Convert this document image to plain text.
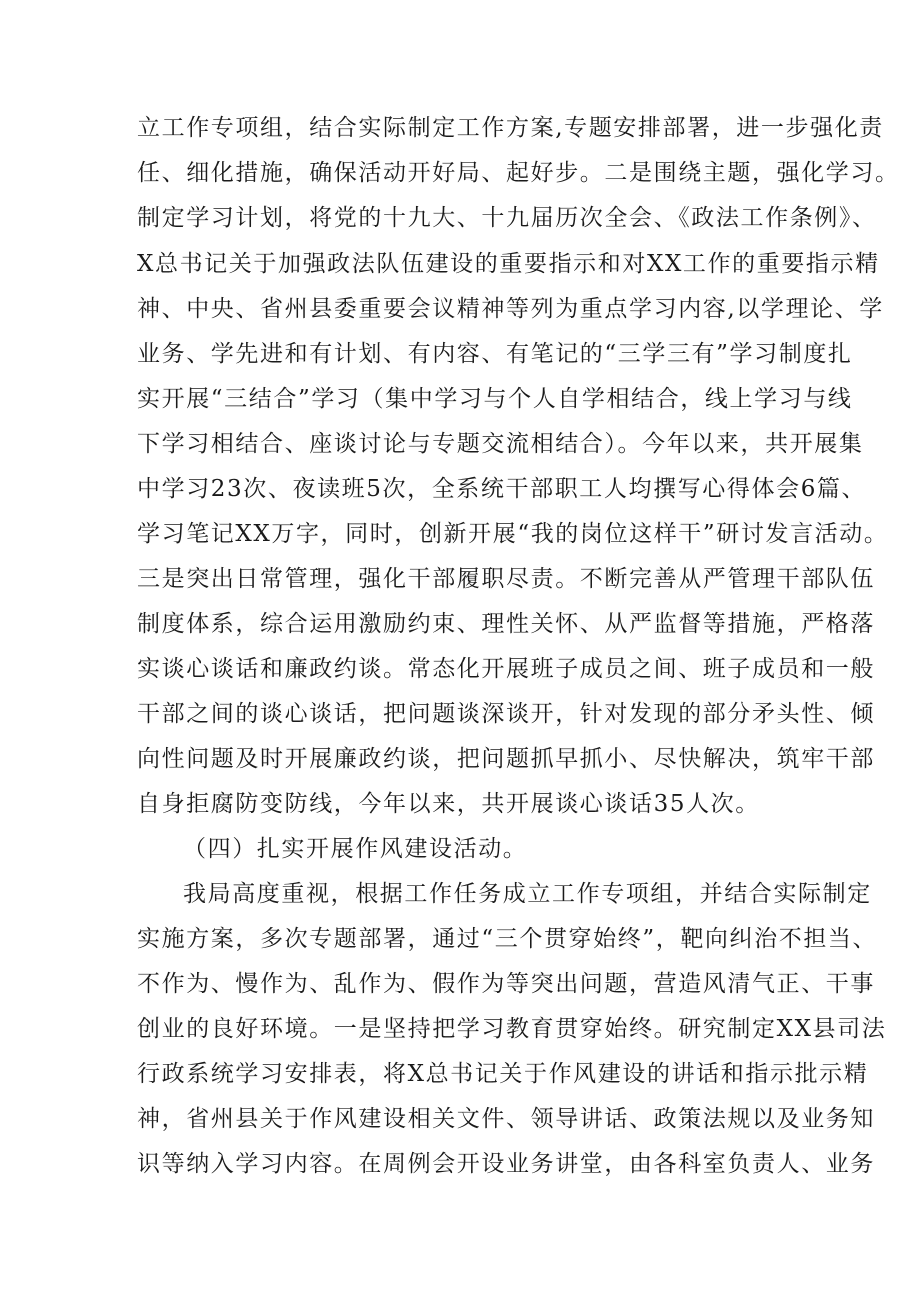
立工作专项组，结合实际制定工作方案,专题安排部署，进一步强化责
任、细化措施，确保活动开好局、起好步。二是围绕主题，强化学习。
制定学习计划，将党的十九大、十九届历次全会、《政法工作条例》、
X总书记关于加强政法队伍建设的重要指示和对XX工作的重要指示精
神、中央、省州县委重要会议精神等列为重点学习内容,以学理论、学
业务、学先进和有计划、有内容、有笔记的“三学三有”学习制度扎
实开展“三结合”学习（集中学习与个人自学相结合，线上学习与线
下学习相结合、座谈讨论与专题交流相结合）。今年以来，共开展集
中学习23次、夜读班5次，全系统干部职工人均撰写心得体会6篇、
学习笔记XX万字，同时，创新开展“我的岗位这样干”研讨发言活动。
三是突出日常管理，强化干部履职尽责。不断完善从严管理干部队伍
制度体系，综合运用激励约束、理性关怀、从严监督等措施，严格落
实谈心谈话和廉政约谈。常态化开展班子成员之间、班子成员和一般
干部之间的谈心谈话，把问题谈深谈开，针对发现的部分矛头性、倾
向性问题及时开展廉政约谈，把问题抓早抓小、尽快解决，筑牢干部
自身拒腐防变防线，今年以来，共开展谈心谈话35人次。
（四）扎实开展作风建设活动。
我局高度重视，根据工作任务成立工作专项组，并结合实际制定
实施方案，多次专题部署，通过“三个贯穿始终”，靶向纠治不担当、
不作为、慢作为、乱作为、假作为等突出问题，营造风清气正、干事
创业的良好环境。一是坚持把学习教育贯穿始终。研究制定XX县司法
行政系统学习安排表，将X总书记关于作风建设的讲话和指示批示精
神，省州县关于作风建设相关文件、领导讲话、政策法规以及业务知
识等纳入学习内容。在周例会开设业务讲堂，由各科室负责人、业务
